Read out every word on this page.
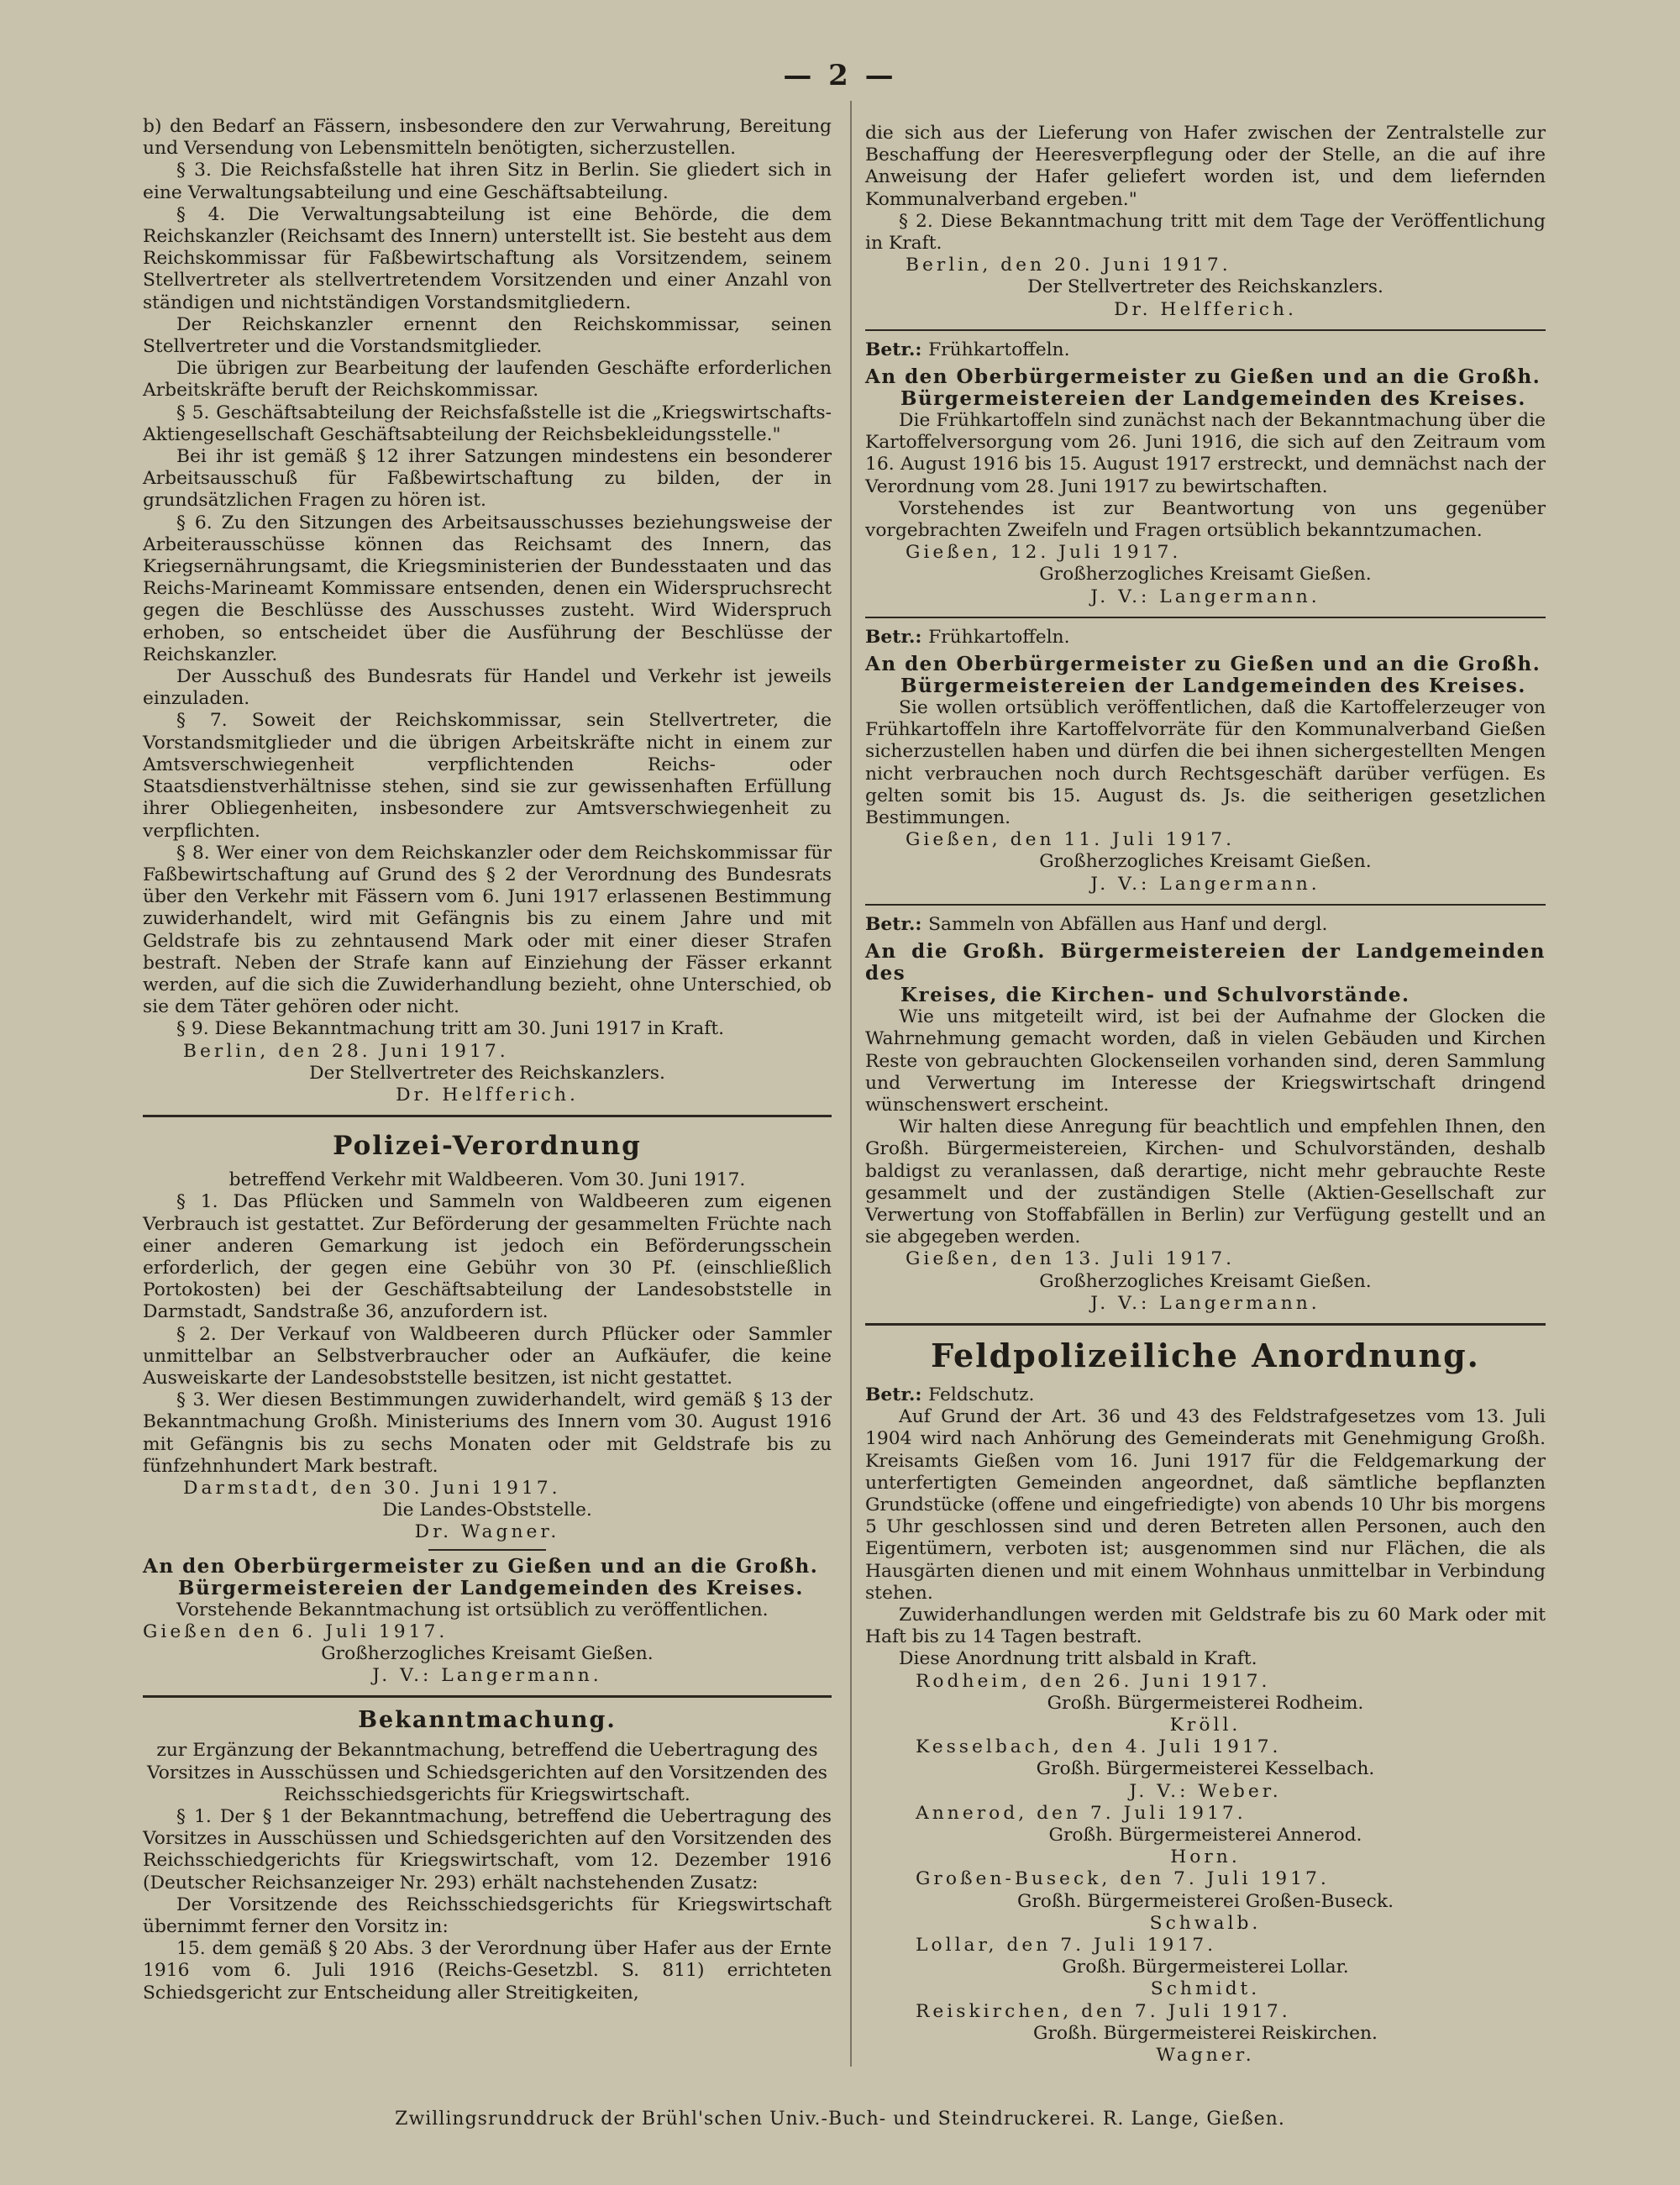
— 2 —

b) den Bedarf an Fässern, insbesondere den zur Verwahrung, Bereitung und Versendung von Lebensmitteln benötigten, sicherzustellen.

§ 3. Die Reichsfaßstelle hat ihren Sitz in Berlin. Sie gliedert sich in eine Verwaltungsabteilung und eine Geschäftsabteilung.

§ 4. Die Verwaltungsabteilung ist eine Behörde, die dem Reichskanzler (Reichsamt des Innern) unterstellt ist. Sie besteht aus dem Reichskommissar für Faßbewirtschaftung als Vorsitzendem, seinem Stellvertreter als stellvertretendem Vorsitzenden und einer Anzahl von ständigen und nichtständigen Vorstandsmitgliedern.

Der Reichskanzler ernennt den Reichskommissar, seinen Stellvertreter und die Vorstandsmitglieder.

Die übrigen zur Bearbeitung der laufenden Geschäfte erforderlichen Arbeitskräfte beruft der Reichskommissar.

§ 5. Geschäftsabteilung der Reichsfaßstelle ist die „Kriegswirtschafts-Aktiengesellschaft Geschäftsabteilung der Reichsbekleidungsstelle."

Bei ihr ist gemäß § 12 ihrer Satzungen mindestens ein besonderer Arbeitsausschuß für Faßbewirtschaftung zu bilden, der in grundsätzlichen Fragen zu hören ist.

§ 6. Zu den Sitzungen des Arbeitsausschusses beziehungsweise der Arbeiterausschüsse können das Reichsamt des Innern, das Kriegsernährungsamt, die Kriegsministerien der Bundesstaaten und das Reichs-Marineamt Kommissare entsenden, denen ein Widerspruchsrecht gegen die Beschlüsse des Ausschusses zusteht. Wird Widerspruch erhoben, so entscheidet über die Ausführung der Beschlüsse der Reichskanzler.

Der Ausschuß des Bundesrats für Handel und Verkehr ist jeweils einzuladen.

§ 7. Soweit der Reichskommissar, sein Stellvertreter, die Vorstandsmitglieder und die übrigen Arbeitskräfte nicht in einem zur Amtsverschwiegenheit verpflichtenden Reichs- oder Staatsdienstverhältnisse stehen, sind sie zur gewissenhaften Erfüllung ihrer Obliegenheiten, insbesondere zur Amtsverschwiegenheit zu verpflichten.

§ 8. Wer einer von dem Reichskanzler oder dem Reichskommissar für Faßbewirtschaftung auf Grund des § 2 der Verordnung des Bundesrats über den Verkehr mit Fässern vom 6. Juni 1917 erlassenen Bestimmung zuwiderhandelt, wird mit Gefängnis bis zu einem Jahre und mit Geldstrafe bis zu zehntausend Mark oder mit einer dieser Strafen bestraft. Neben der Strafe kann auf Einziehung der Fässer erkannt werden, auf die sich die Zuwiderhandlung bezieht, ohne Unterschied, ob sie dem Täter gehören oder nicht.

§ 9. Diese Bekanntmachung tritt am 30. Juni 1917 in Kraft.

Berlin, den 28. Juni 1917.

Der Stellvertreter des Reichskanzlers.

Dr. Helfferich.

Polizei-Verordnung

betreffend Verkehr mit Waldbeeren. Vom 30. Juni 1917.

§ 1. Das Pflücken und Sammeln von Waldbeeren zum eigenen Verbrauch ist gestattet. Zur Beförderung der gesammelten Früchte nach einer anderen Gemarkung ist jedoch ein Beförderungsschein erforderlich, der gegen eine Gebühr von 30 Pf. (einschließlich Portokosten) bei der Geschäftsabteilung der Landesobststelle in Darmstadt, Sandstraße 36, anzufordern ist.

§ 2. Der Verkauf von Waldbeeren durch Pflücker oder Sammler unmittelbar an Selbstverbraucher oder an Aufkäufer, die keine Ausweiskarte der Landesobststelle besitzen, ist nicht gestattet.

§ 3. Wer diesen Bestimmungen zuwiderhandelt, wird gemäß § 13 der Bekanntmachung Großh. Ministeriums des Innern vom 30. August 1916 mit Gefängnis bis zu sechs Monaten oder mit Geldstrafe bis zu fünfzehnhundert Mark bestraft.

Darmstadt, den 30. Juni 1917.

Die Landes-Obststelle.

Dr. Wagner.

An den Oberbürgermeister zu Gießen und an die Großh.
Bürgermeistereien der Landgemeinden des Kreises.

Vorstehende Bekanntmachung ist ortsüblich zu veröffentlichen.

Gießen den 6. Juli 1917.

Großherzogliches Kreisamt Gießen.

J. V.: Langermann.

Bekanntmachung.

zur Ergänzung der Bekanntmachung, betreffend die Uebertragung des Vorsitzes in Ausschüssen und Schiedsgerichten auf den Vorsitzenden des Reichsschiedsgerichts für Kriegswirtschaft.

§ 1. Der § 1 der Bekanntmachung, betreffend die Uebertragung des Vorsitzes in Ausschüssen und Schiedsgerichten auf den Vorsitzenden des Reichsschiedgerichts für Kriegswirtschaft, vom 12. Dezember 1916 (Deutscher Reichsanzeiger Nr. 293) erhält nachstehenden Zusatz:

Der Vorsitzende des Reichsschiedsgerichts für Kriegswirtschaft übernimmt ferner den Vorsitz in:

15. dem gemäß § 20 Abs. 3 der Verordnung über Hafer aus der Ernte 1916 vom 6. Juli 1916 (Reichs-Gesetzbl. S. 811) errichteten Schiedsgericht zur Entscheidung aller Streitigkeiten,

die sich aus der Lieferung von Hafer zwischen der Zentralstelle zur Beschaffung der Heeresverpflegung oder der Stelle, an die auf ihre Anweisung der Hafer geliefert worden ist, und dem liefernden Kommunalverband ergeben."

§ 2. Diese Bekanntmachung tritt mit dem Tage der Veröffentlichung in Kraft.

Berlin, den 20. Juni 1917.

Der Stellvertreter des Reichskanzlers.

Dr. Helfferich.

Betr.: Frühkartoffeln.

An den Oberbürgermeister zu Gießen und an die Großh.
Bürgermeistereien der Landgemeinden des Kreises.

Die Frühkartoffeln sind zunächst nach der Bekanntmachung über die Kartoffelversorgung vom 26. Juni 1916, die sich auf den Zeitraum vom 16. August 1916 bis 15. August 1917 erstreckt, und demnächst nach der Verordnung vom 28. Juni 1917 zu bewirtschaften.

Vorstehendes ist zur Beantwortung von uns gegenüber vorgebrachten Zweifeln und Fragen ortsüblich bekanntzumachen.

Gießen, 12. Juli 1917.

Großherzogliches Kreisamt Gießen.

J. V.: Langermann.

Betr.: Frühkartoffeln.

An den Oberbürgermeister zu Gießen und an die Großh.
Bürgermeistereien der Landgemeinden des Kreises.

Sie wollen ortsüblich veröffentlichen, daß die Kartoffelerzeuger von Frühkartoffeln ihre Kartoffelvorräte für den Kommunalverband Gießen sicherzustellen haben und dürfen die bei ihnen sichergestellten Mengen nicht verbrauchen noch durch Rechtsgeschäft darüber verfügen. Es gelten somit bis 15. August ds. Js. die seitherigen gesetzlichen Bestimmungen.

Gießen, den 11. Juli 1917.

Großherzogliches Kreisamt Gießen.

J. V.: Langermann.

Betr.: Sammeln von Abfällen aus Hanf und dergl.

An die Großh. Bürgermeistereien der Landgemeinden des
Kreises, die Kirchen- und Schulvorstände.

Wie uns mitgeteilt wird, ist bei der Aufnahme der Glocken die Wahrnehmung gemacht worden, daß in vielen Gebäuden und Kirchen Reste von gebrauchten Glockenseilen vorhanden sind, deren Sammlung und Verwertung im Interesse der Kriegswirtschaft dringend wünschenswert erscheint.

Wir halten diese Anregung für beachtlich und empfehlen Ihnen, den Großh. Bürgermeistereien, Kirchen- und Schulvorständen, deshalb baldigst zu veranlassen, daß derartige, nicht mehr gebrauchte Reste gesammelt und der zuständigen Stelle (Aktien-Gesellschaft zur Verwertung von Stoffabfällen in Berlin) zur Verfügung gestellt und an sie abgegeben werden.

Gießen, den 13. Juli 1917.

Großherzogliches Kreisamt Gießen.

J. V.: Langermann.

Feldpolizeiliche Anordnung.

Betr.: Feldschutz.

Auf Grund der Art. 36 und 43 des Feldstrafgesetzes vom 13. Juli 1904 wird nach Anhörung des Gemeinderats mit Genehmigung Großh. Kreisamts Gießen vom 16. Juni 1917 für die Feldgemarkung der unterfertigten Gemeinden angeordnet, daß sämtliche bepflanzten Grundstücke (offene und eingefriedigte) von abends 10 Uhr bis morgens 5 Uhr geschlossen sind und deren Betreten allen Personen, auch den Eigentümern, verboten ist; ausgenommen sind nur Flächen, die als Hausgärten dienen und mit einem Wohnhaus unmittelbar in Verbindung stehen.

Zuwiderhandlungen werden mit Geldstrafe bis zu 60 Mark oder mit Haft bis zu 14 Tagen bestraft.

Diese Anordnung tritt alsbald in Kraft.

Rodheim, den 26. Juni 1917.

Großh. Bürgermeisterei Rodheim.

Kröll.

Kesselbach, den 4. Juli 1917.

Großh. Bürgermeisterei Kesselbach.

J. V.: Weber.

Annerod, den 7. Juli 1917.

Großh. Bürgermeisterei Annerod.

Horn.

Großen-Buseck, den 7. Juli 1917.

Großh. Bürgermeisterei Großen-Buseck.

Schwalb.

Lollar, den 7. Juli 1917.

Großh. Bürgermeisterei Lollar.

Schmidt.

Reiskirchen, den 7. Juli 1917.

Großh. Bürgermeisterei Reiskirchen.

Wagner.

Zwillingsrunddruck der Brühl'schen Univ.-Buch- und Steindruckerei. R. Lange, Gießen.
